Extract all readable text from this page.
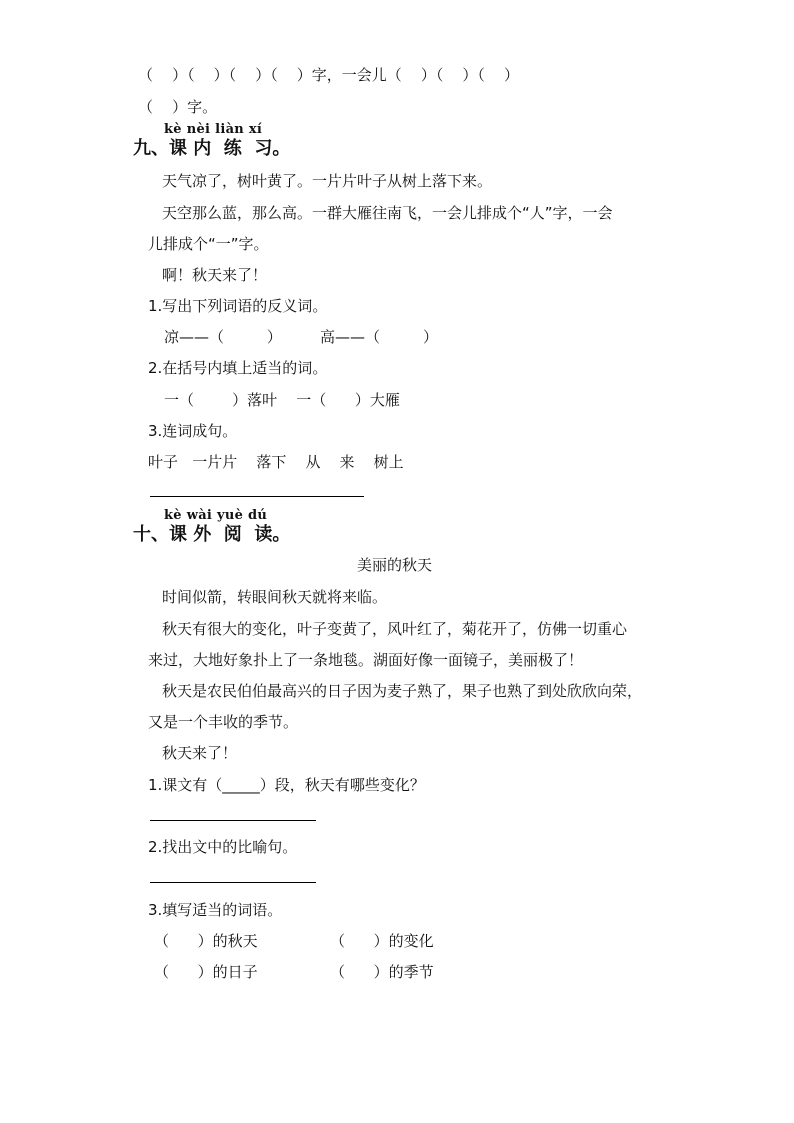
（    ）（    ）（    ）（    ）字，一会儿（    ）（    ）（    ）
（    ）字。
kè nèi liàn xí
九、课 内  练  习。
天气凉了，树叶黄了。一片片叶子从树上落下来。
天空那么蓝，那么高。一群大雁往南飞，一会儿排成个“人”字，一会
儿排成个“一”字。
啊！秋天来了！
1.写出下列词语的反义词。
凉——（         ）        高——（         ）
2.在括号内填上适当的词。
一（        ）落叶    一（      ）大雁
3.连词成句。
叶子   一片片    落下    从    来    树上
kè wài yuè dú
十、课 外  阅  读。
美丽的秋天
时间似箭，转眼间秋天就将来临。
秋天有很大的变化，叶子变黄了，风叶红了，菊花开了，仿佛一切重心
来过，大地好象扑上了一条地毯。湖面好像一面镜子，美丽极了！
秋天是农民伯伯最高兴的日子因为麦子熟了，果子也熟了到处欣欣向荣，
又是一个丰收的季节。
秋天来了！
1.课文有（_____）段，秋天有哪些变化？
2.找出文中的比喻句。
3.填写适当的词语。
（      ）的秋天	（      ）的变化
（      ）的日子	（      ）的季节
